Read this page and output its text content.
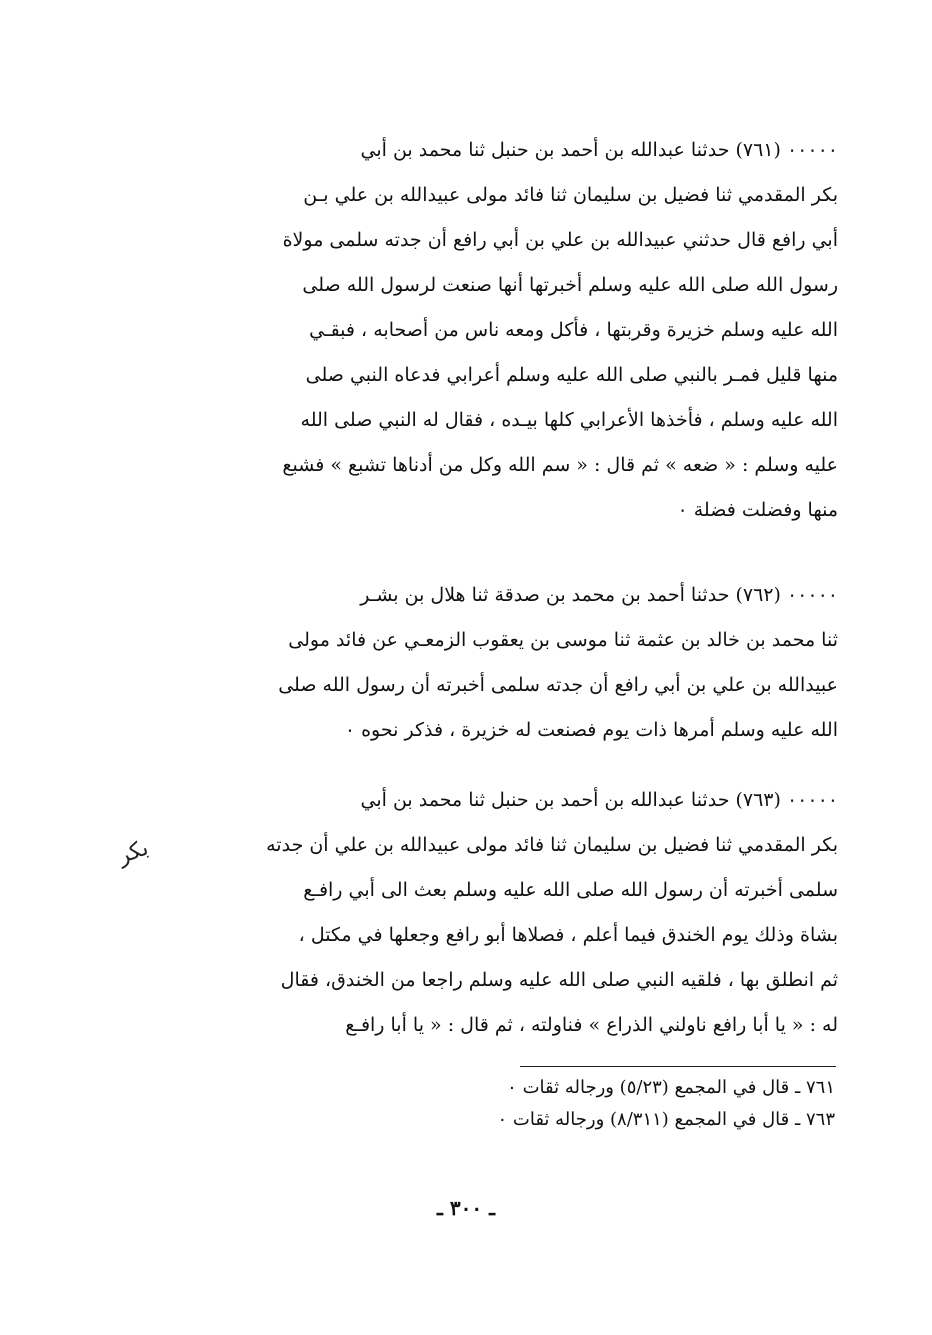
٠٠٠٠٠ (٧٦١) حدثنا عبدالله بن أحمد بن حنبل ثنا محمد بن أبي
بكر المقدمي ثنا فضيل بن سليمان ثنا فائد مولى عبيدالله بن علي بـن
أبي رافع قال حدثني عبيدالله بن علي بن أبي رافع أن جدته سلمى مولاة
رسول الله صلى الله عليه وسلم أخبرتها أنها صنعت لرسول الله صلى
الله عليه وسلم خزيرة وقربتها ، فأكل ومعه ناس من أصحابه ، فبقـي
منها قليل فمـر بالنبي صلى الله عليه وسلم أعرابي فدعاه النبي صلى
الله عليه وسلم ، فأخذها الأعرابي كلها بيـده ، فقال له النبي صلى الله
عليه وسلم : « ضعه » ثم قال : « سم الله وكل من أدناها تشبع » فشبع
منها وفضلت فضلة ٠
٠٠٠٠٠ (٧٦٢) حدثنا أحمد بن محمد بن صدقة ثنا هلال بن بشـر
ثنا محمد بن خالد بن عثمة ثنا موسى بن يعقوب الزمعـي عن فائد مولى
عبيدالله بن علي بن أبي رافع أن جدته سلمى أخبرته أن رسول الله صلى
الله عليه وسلم أمرها ذات يوم فصنعت له خزيرة ، فذكر نحوه ٠
٠٠٠٠٠ (٧٦٣) حدثنا عبدالله بن أحمد بن حنبل ثنا محمد بن أبي
بكر المقدمي ثنا فضيل بن سليمان ثنا فائد مولى عبيدالله بن علي أن جدته
سلمى أخبرته أن رسول الله صلى الله عليه وسلم بعث الى أبي رافـع
بشاة وذلك يوم الخندق فيما أعلم ، فصلاها أبو رافع وجعلها في مكتل ،
ثم انطلق بها ، فلقيه النبي صلى الله عليه وسلم راجعا من الخندق، فقال
له : « يا أبا رافع ناولني الذراع » فناولته ، ثم قال : « يا أبا رافـع
بكر
٧٦١ ـ قال في المجمع (٥/٢٣) ورجاله ثقات ٠
٧٦٣ ـ قال في المجمع (٨/٣١١) ورجاله ثقات ٠
ـ ٣٠٠ ـ
